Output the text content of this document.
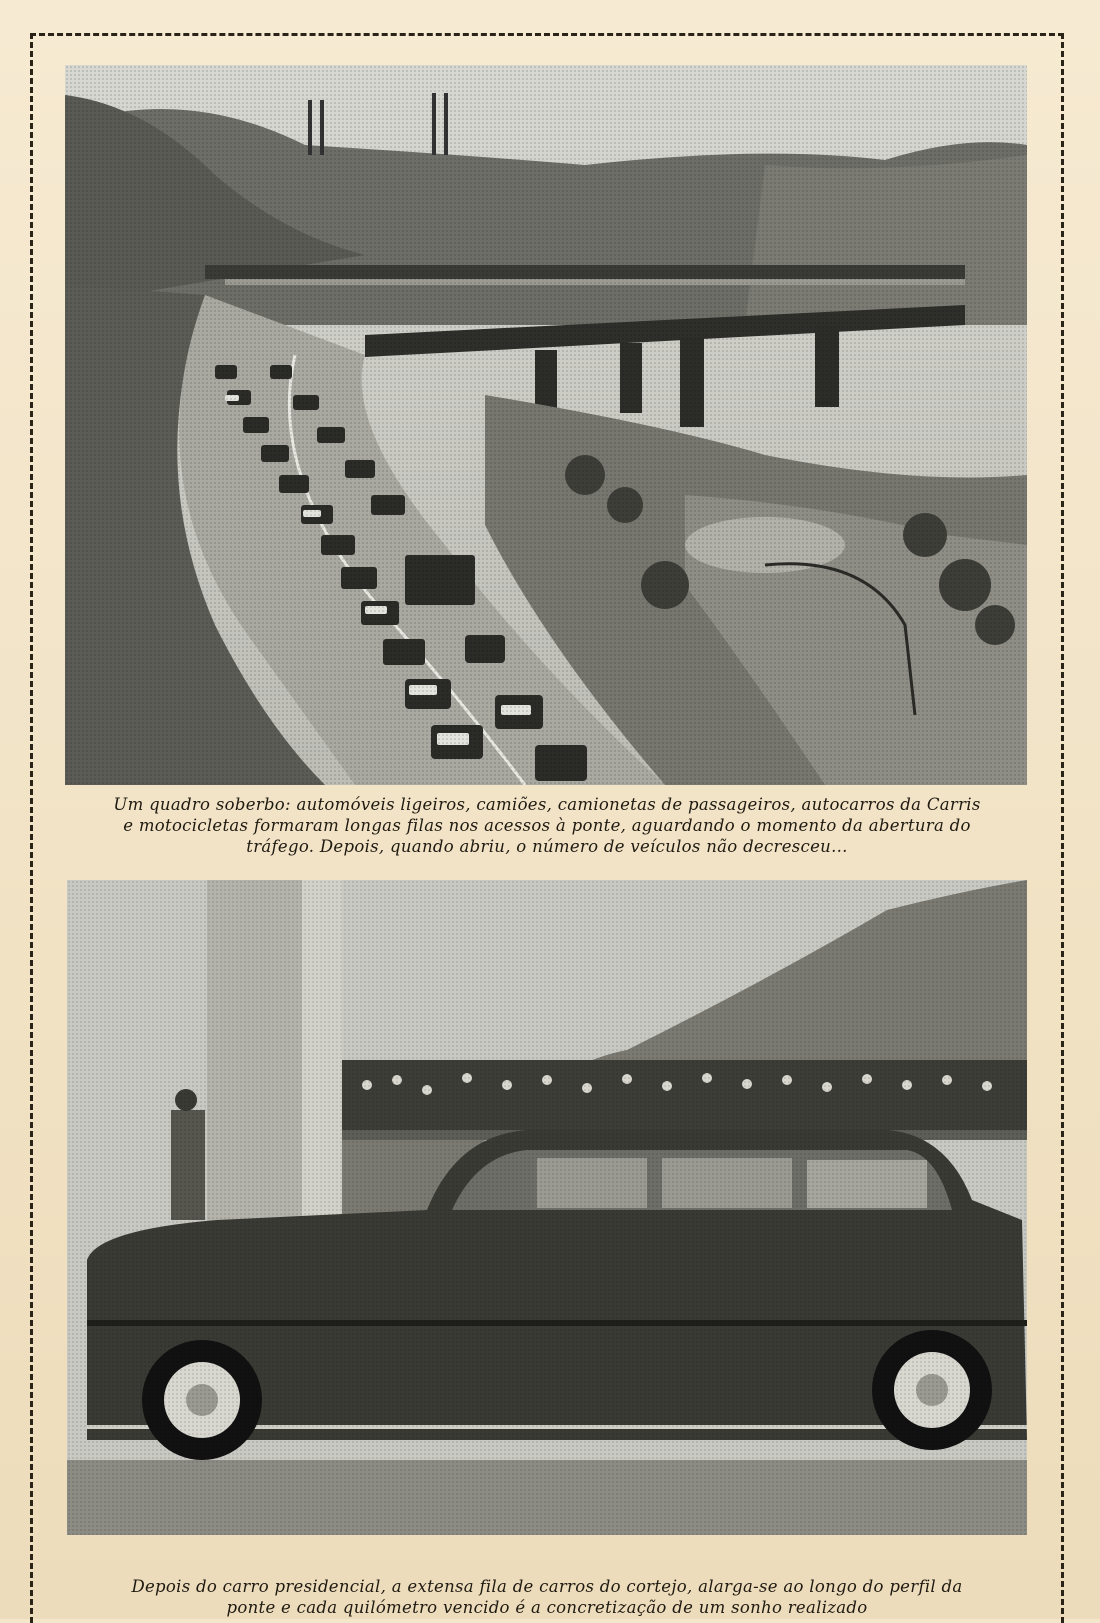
Um quadro soberbo: automóveis ligeiros, camiões, camionetas de passageiros, autocarros da Carris
e motocicletas formaram longas filas nos acessos à ponte, aguardando o momento da abertura do
tráfego. Depois, quando abriu, o número de veículos não decresceu...
Depois do carro presidencial, a extensa fila de carros do cortejo, alarga-se ao longo do perfil da
ponte e cada quilómetro vencido é a concretização de um sonho realizado
